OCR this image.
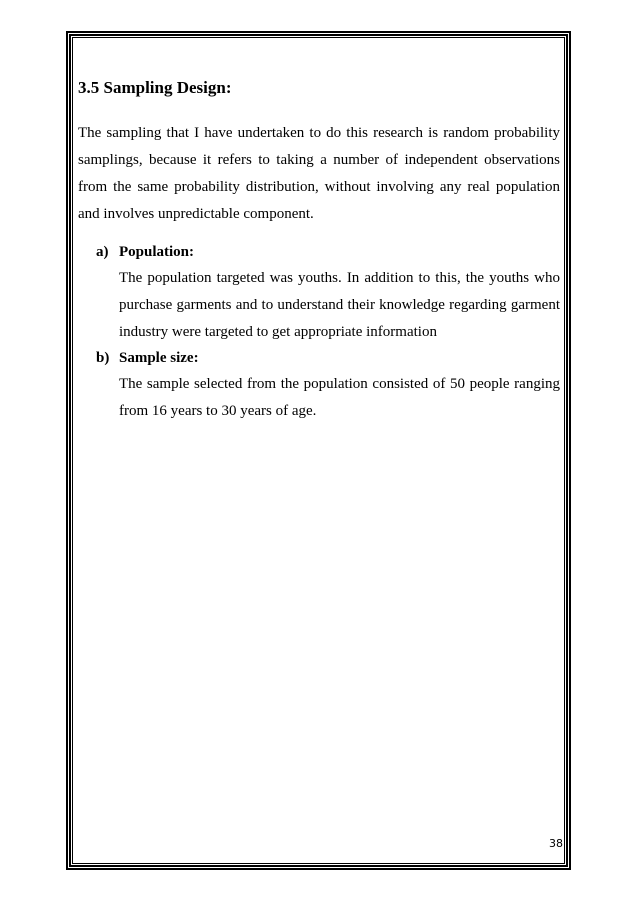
3.5 Sampling Design:

The sampling that I have undertaken to do this research is random probability samplings, because it refers to taking a number of independent observations from the same probability distribution, without involving any real population and involves unpredictable component.

a) Population:
The population targeted was youths. In addition to this, the youths who purchase garments and to understand their knowledge regarding garment industry were targeted to get appropriate information
b) Sample size:
The sample selected from the population consisted of 50 people ranging from 16 years to 30 years of age.
38
